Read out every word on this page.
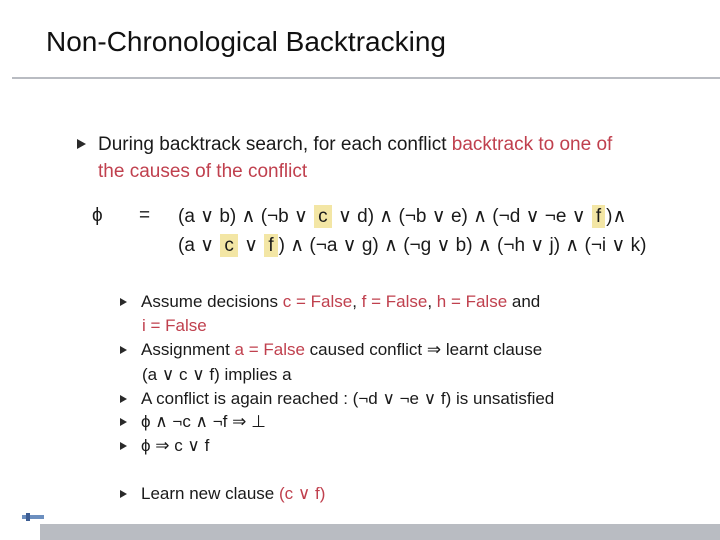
Non-Chronological Backtracking
During backtrack search, for each conflict backtrack to one of
the causes of the conflict
ϕ = (a ∨ b) ∧ (¬b ∨ c ∨ d) ∧ (¬b ∨ e) ∧ (¬d ∨ ¬e ∨ f )∧
(a ∨ c ∨ f ) ∧ (¬a ∨ g) ∧ (¬g ∨ b) ∧ (¬h ∨ j) ∧ (¬i ∨ k)
Assume decisions c = False, f = False, h = False and
i = False
Assignment a = False caused conflict ⇒ learnt clause
(a ∨ c ∨ f) implies a
A conflict is again reached : (¬d ∨ ¬e ∨ f) is unsatisfied
ϕ ∧ ¬c ∧ ¬f ⇒ ⊥
ϕ ⇒ c ∨ f
Learn new clause (c ∨ f)
